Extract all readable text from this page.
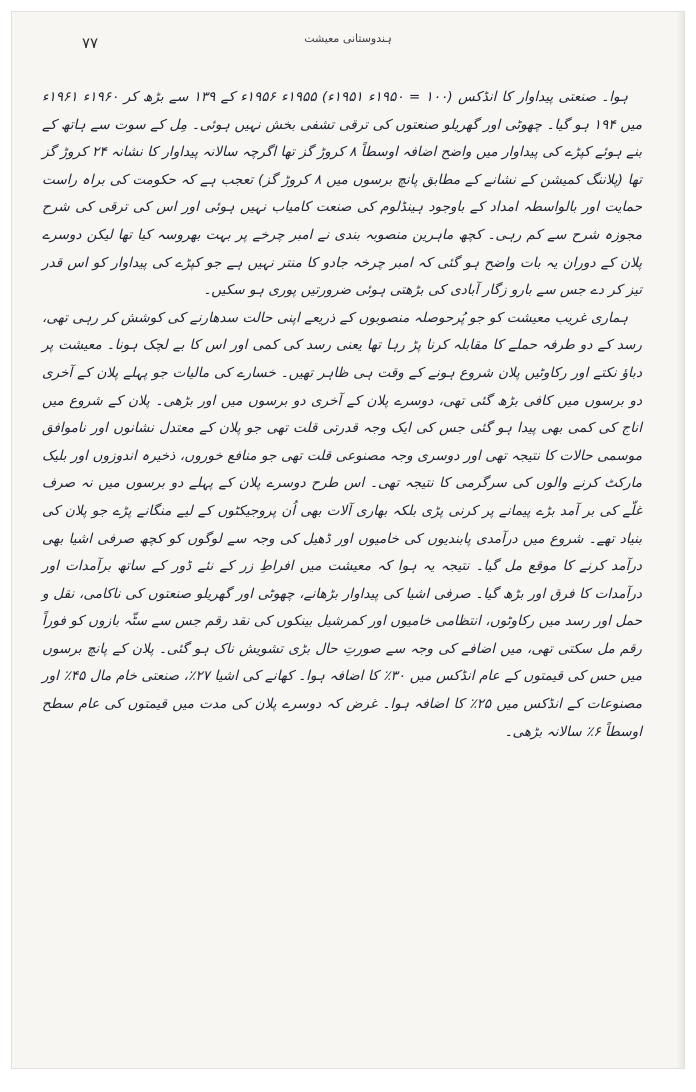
۷۷	ہندوستانی معیشت

ہوا۔ صنعتی پیداوار کا انڈکس (۱۰۰ = ۱۹۵۰ء ۱۹۵۱ء) ۱۹۵۵ء ۱۹۵۶ء کے ۱۳۹ سے بڑھ کر ۱۹۶۰ء ۱۹۶۱ء میں ۱۹۴ ہو گیا۔ چھوٹی اور گھریلو صنعتوں کی ترقی تشفی بخش نہیں ہوئی۔ مِل کے سوت سے ہاتھ کے بنے ہوئے کپڑے کی پیداوار میں واضح اضافہ اوسطاً ۸ کروڑ گز تھا اگرچہ سالانہ پیداوار کا نشانہ ۲۴ کروڑ گز تھا (پلاننگ کمیشن کے نشانے کے مطابق پانچ برسوں میں ۸ کروڑ گز) تعجب ہے کہ حکومت کی براہ راست حمایت اور بالواسطہ امداد کے باوجود ہینڈلوم کی صنعت کامیاب نہیں ہوئی اور اس کی ترقی کی شرح مجوزہ شرح سے کم رہی۔ کچھ ماہرین منصوبہ بندی نے امبر چرخے پر بہت بھروسہ کیا تھا لیکن دوسرے پلان کے دوران یہ بات واضح ہو گئی کہ امبر چرخہ جادو کا منتر نہیں ہے جو کپڑے کی پیداوار کو اس قدر تیز کر دے جس سے بارو زگار آبادی کی بڑھتی ہوئی ضرورتیں پوری ہو سکیں۔

ہماری غریب معیشت کو جو پُرحوصلہ منصوبوں کے ذریعے اپنی حالت سدھارنے کی کوشش کر رہی تھی، رسد کے دو طرفہ حملے کا مقابلہ کرنا پڑ رہا تھا یعنی رسد کی کمی اور اس کا بے لچک ہونا۔ معیشت پر دباؤ نکتے اور رکاوٹیں پلان شروع ہونے کے وقت ہی ظاہر تھیں۔ خسارے کی مالیات جو پہلے پلان کے آخری دو برسوں میں کافی بڑھ گئی تھی، دوسرے پلان کے آخری دو برسوں میں اور بڑھی۔ پلان کے شروع میں اناج کی کمی بھی پیدا ہو گئی جس کی ایک وجہ قدرتی قلت تھی جو پلان کے معتدل نشانوں اور ناموافق موسمی حالات کا نتیجہ تھی اور دوسری وجہ مصنوعی قلت تھی جو منافع خوروں، ذخیرہ اندوزوں اور بلیک مارکٹ کرنے والوں کی سرگرمی کا نتیجہ تھی۔ اس طرح دوسرے پلان کے پہلے دو برسوں میں نہ صرف غلّے کی بر آمد بڑے پیمانے پر کرنی پڑی بلکہ بھاری آلات بھی اُن پروجیکٹوں کے لیے منگانے پڑے جو پلان کی بنیاد تھے۔ شروع میں درآمدی پابندیوں کی خامیوں اور ڈھیل کی وجہ سے لوگوں کو کچھ صرفی اشیا بھی درآمد کرنے کا موقع مل گیا۔ نتیجہ یہ ہوا کہ معیشت میں افراطِ زر کے نئے ڈور کے ساتھ برآمدات اور درآمدات کا فرق اور بڑھ گیا۔ صرفی اشیا کی پیداوار بڑھانے، چھوٹی اور گھریلو صنعتوں کی ناکامی، نقل و حمل اور رسد میں رکاوٹوں، انتظامی خامیوں اور کمرشیل بینکوں کی نقد رقم جس سے سٹّہ بازوں کو فوراً رقم مل سکتی تھی، میں اضافے کی وجہ سے صورتِ حال بڑی تشویش ناک ہو گئی۔ پلان کے پانچ برسوں میں حس کی قیمتوں کے عام انڈکس میں ۳۰٪ کا اضافہ ہوا۔ کھانے کی اشیا ۲۷٪، صنعتی خام مال ۴۵٪ اور مصنوعات کے انڈکس میں ۲۵٪ کا اضافہ ہوا۔ غرض کہ دوسرے پلان کی مدت میں قیمتوں کی عام سطح اوسطاً ۶٪ سالانہ بڑھی۔
